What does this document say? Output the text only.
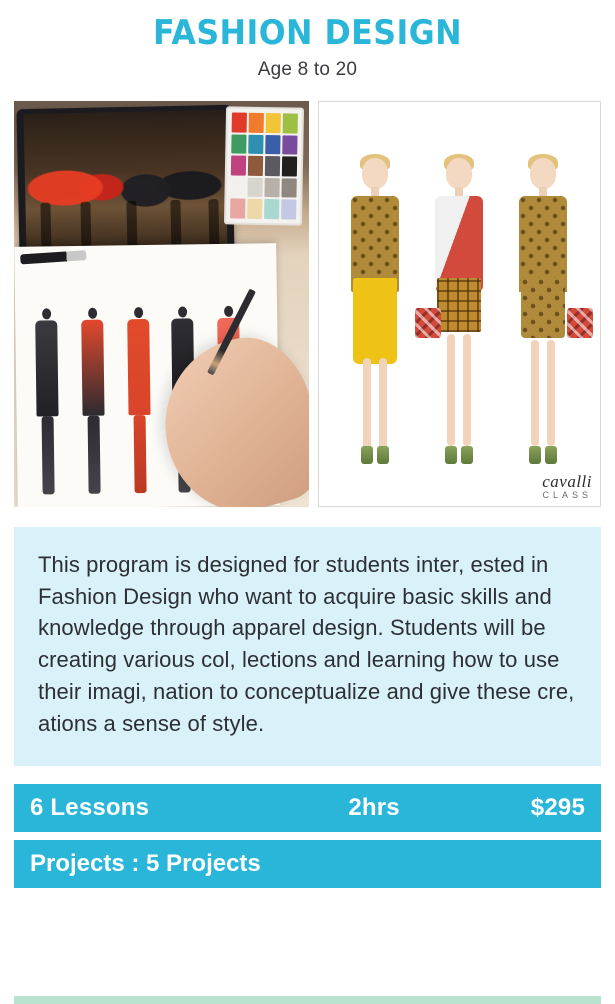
FASHION DESIGN
Age 8 to 20
cavalli
CLASS

This program is designed for students inter, ested in Fashion Design who want to acquire basic skills and knowledge through apparel design. Students will be creating various col, lections and learning how to use their imagi, nation to conceptualize and give these cre, ations a sense of style.

6 Lessons	2hrs	$295
Projects : 5 Projects
